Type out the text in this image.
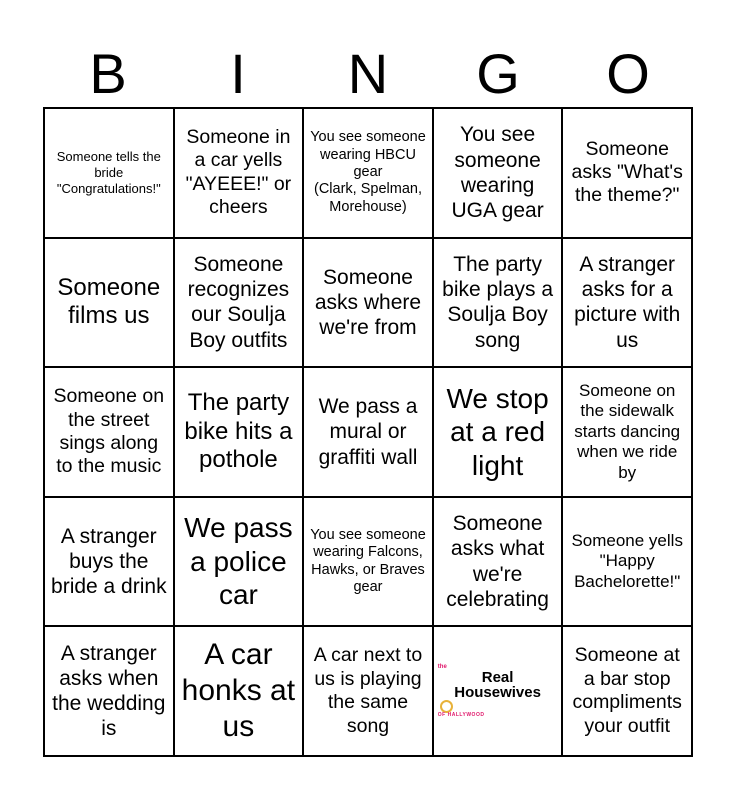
B	I	N	G	O
Someone tells the bride "Congratulations!"
Someone in a car yells "AYEEE!" or cheers
You see someone wearing HBCU gear
(Clark, Spelman, Morehouse)
You see someone wearing UGA gear
Someone asks "What's the theme?"
Someone films us
Someone recognizes our Soulja Boy outfits
Someone asks where we're from
The party bike plays a Soulja Boy song
A stranger asks for a picture with us
Someone on the street sings along to the music
The party bike hits a pothole
We pass a mural or graffiti wall
We stop at a red light
Someone on the sidewalk starts dancing when we ride by
A stranger buys the bride a drink
We pass a police car
You see someone wearing Falcons, Hawks, or Braves gear
Someone asks what we're celebrating
Someone yells "Happy Bachelorette!"
A stranger asks when the wedding is
A car honks at us
A car next to us is playing the same song
the
Real Housewives
OF HALLYWOOD
Someone at a bar stop compliments your outfit
